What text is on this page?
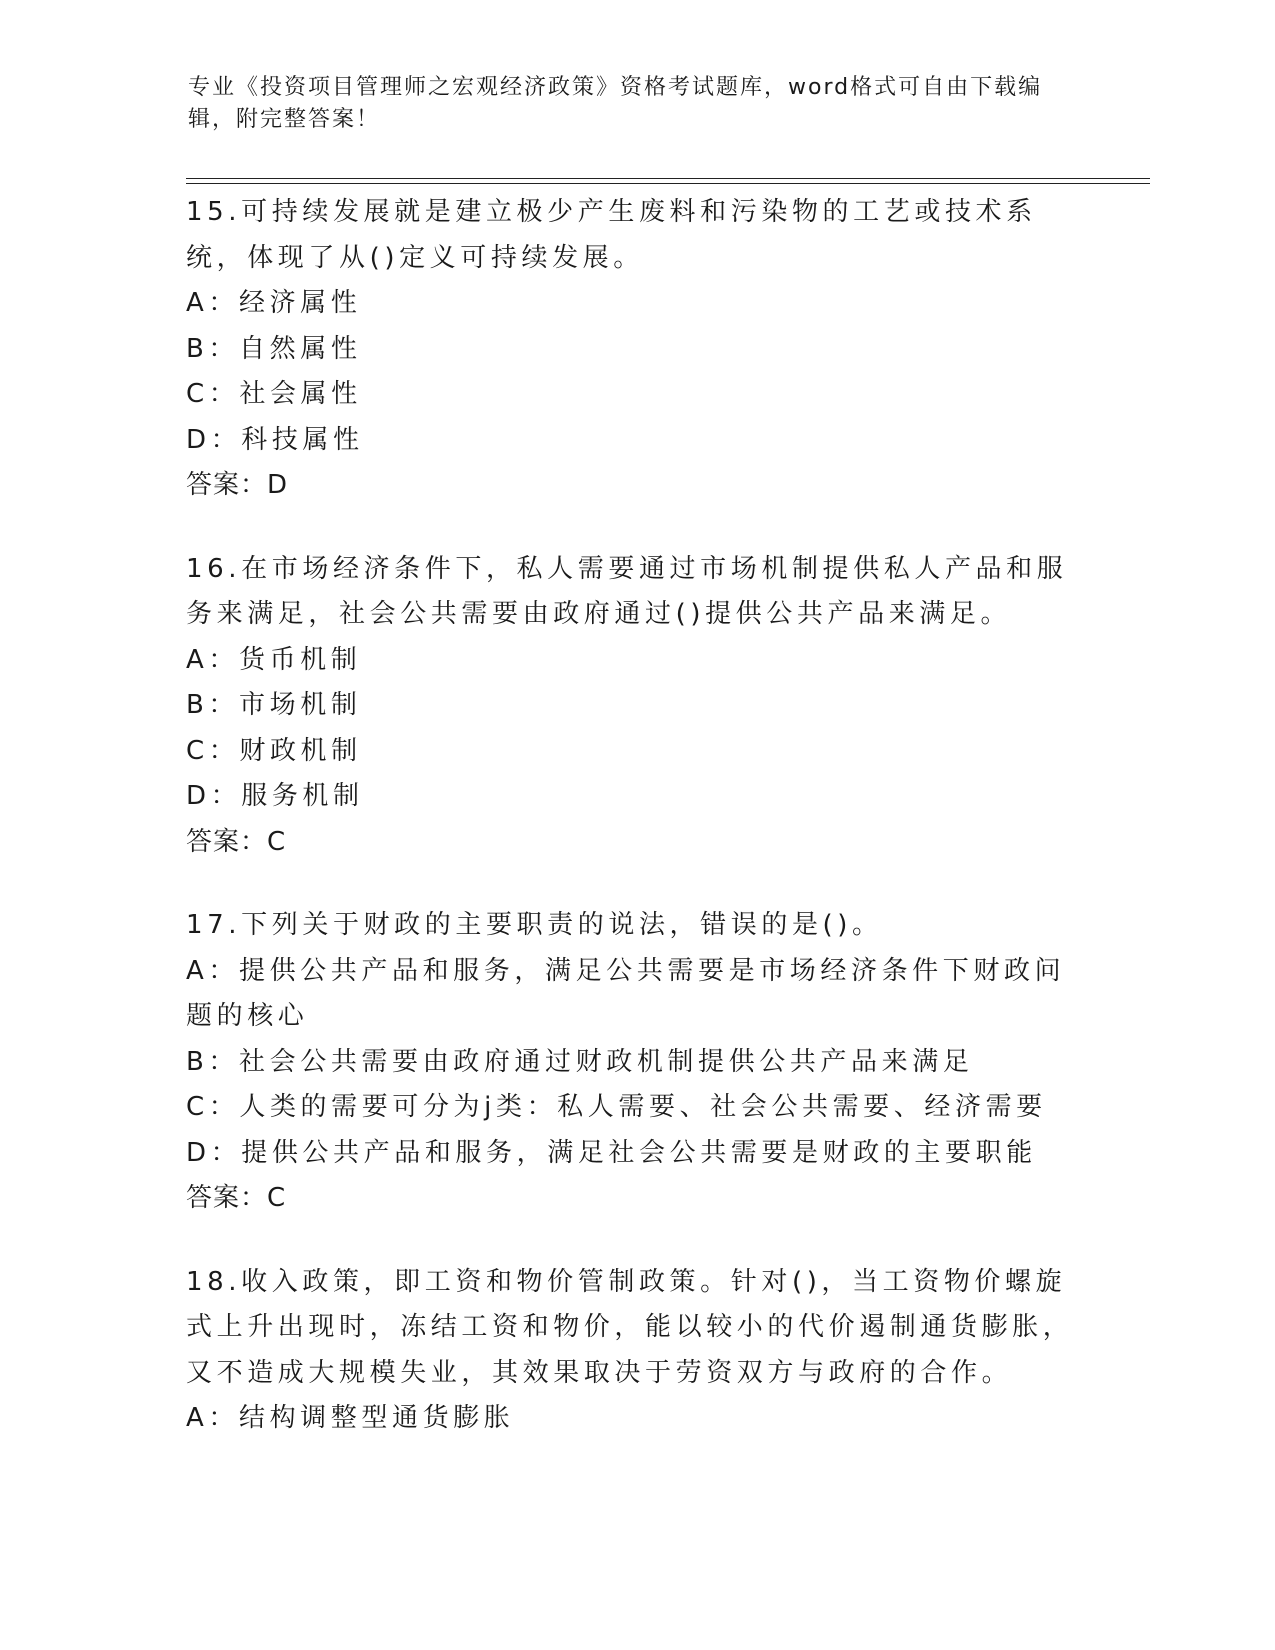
专业《投资项目管理师之宏观经济政策》资格考试题库，word格式可自由下载编辑，附完整答案！

15.可持续发展就是建立极少产生废料和污染物的工艺或技术系统，体现了从()定义可持续发展。

A：经济属性

B：自然属性

C：社会属性

D：科技属性

答案：D

16.在市场经济条件下，私人需要通过市场机制提供私人产品和服务来满足，社会公共需要由政府通过()提供公共产品来满足。

A：货币机制

B：市场机制

C：财政机制

D：服务机制

答案：C

17.下列关于财政的主要职责的说法，错误的是()。

A：提供公共产品和服务，满足公共需要是市场经济条件下财政问题的核心

B：社会公共需要由政府通过财政机制提供公共产品来满足

C：人类的需要可分为j类：私人需要、社会公共需要、经济需要

D：提供公共产品和服务，满足社会公共需要是财政的主要职能

答案：C

18.收入政策，即工资和物价管制政策。针对()，当工资物价螺旋式上升出现时，冻结工资和物价，能以较小的代价遏制通货膨胀，又不造成大规模失业，其效果取决于劳资双方与政府的合作。

A：结构调整型通货膨胀
